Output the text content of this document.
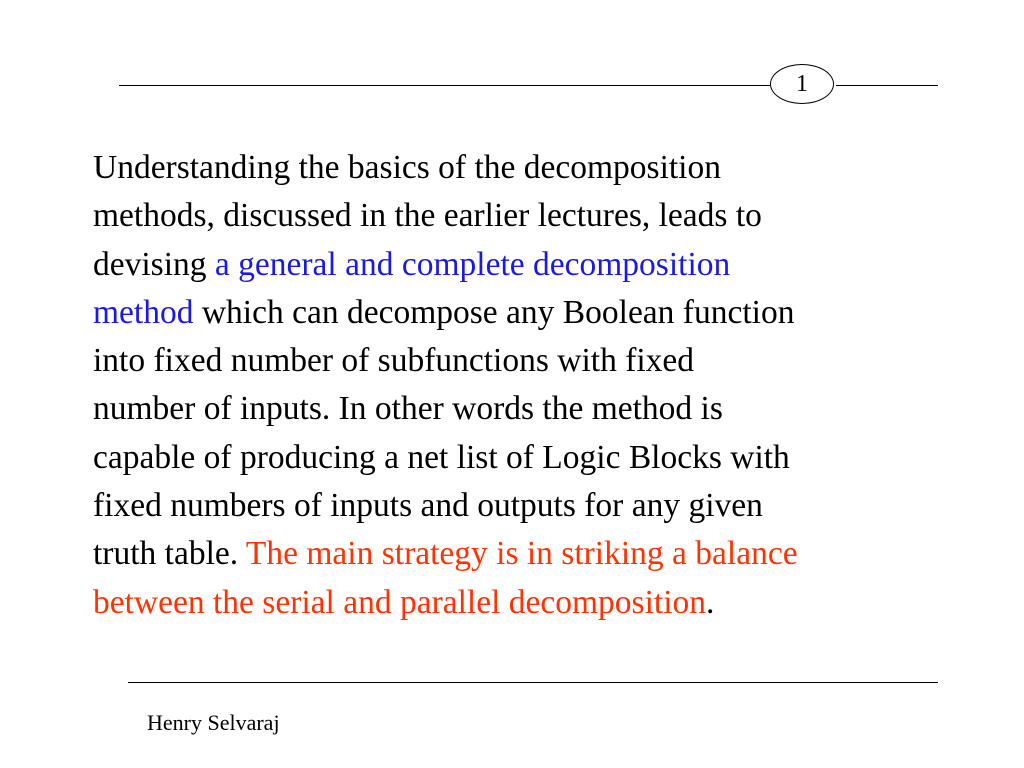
1

Understanding the basics of the decomposition
methods, discussed in the earlier lectures, leads to
devising a general and complete decomposition
method which can decompose any Boolean function
into fixed number of subfunctions with fixed
number of inputs. In other words the method is
capable of producing a net list of Logic Blocks with
fixed numbers of inputs and outputs for any given
truth table. The main strategy is in striking a balance
between the serial and parallel decomposition.

Henry Selvaraj
